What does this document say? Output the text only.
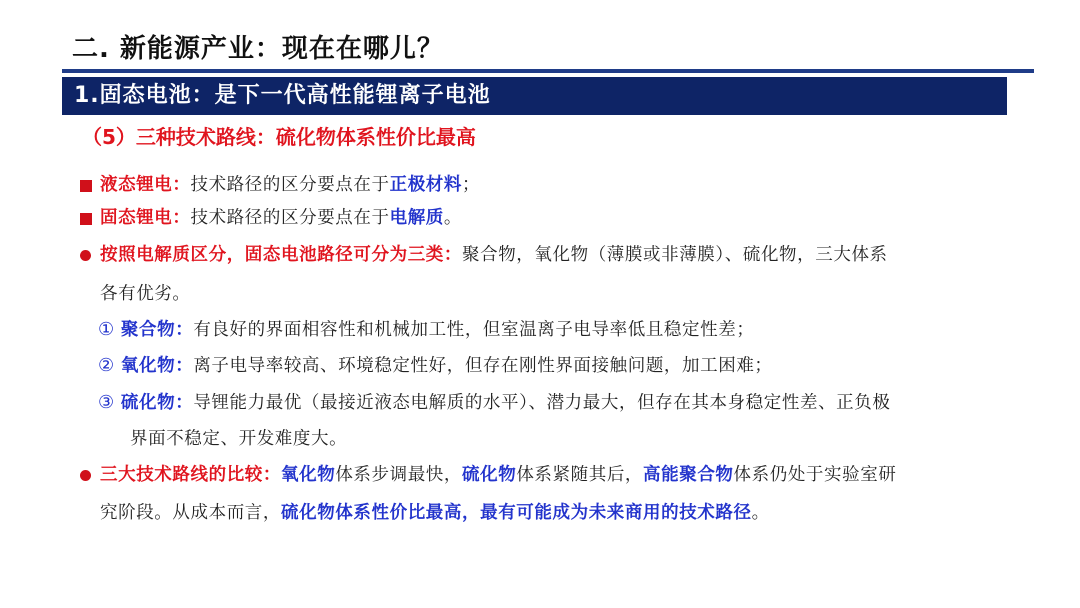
二. 新能源产业：现在在哪儿？
1.固态电池：是下一代高性能锂离子电池
（5）三种技术路线：硫化物体系性价比最高
液态锂电：技术路径的区分要点在于正极材料；
固态锂电：技术路径的区分要点在于电解质。
按照电解质区分，固态电池路径可分为三类：聚合物，氧化物（薄膜或非薄膜）、硫化物，三大体系
各有优劣。
① 聚合物：有良好的界面相容性和机械加工性，但室温离子电导率低且稳定性差；
② 氧化物：离子电导率较高、环境稳定性好，但存在刚性界面接触问题，加工困难；
③ 硫化物：导锂能力最优（最接近液态电解质的水平）、潜力最大，但存在其本身稳定性差、正负极
界面不稳定、开发难度大。
三大技术路线的比较：氧化物体系步调最快，硫化物体系紧随其后，高能聚合物体系仍处于实验室研
究阶段。从成本而言，硫化物体系性价比最高，最有可能成为未来商用的技术路径。
